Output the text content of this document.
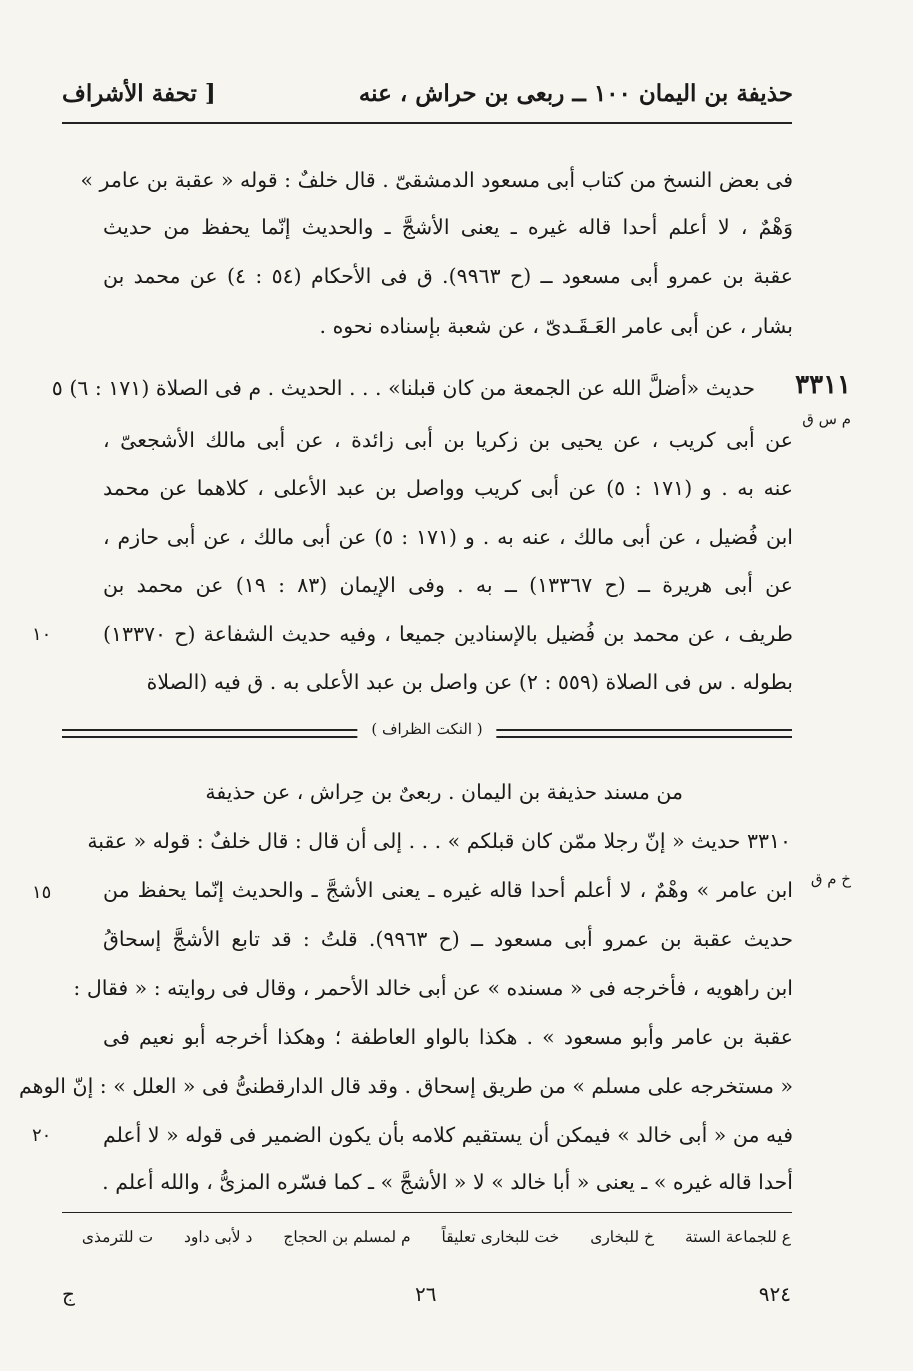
حذيفة بن اليمان ١٠٠ ــ ربعى بن حراش ، عنه
[ تحفة الأشراف
فى بعض النسخ من كتاب أبى مسعود الدمشقىّ . قال خلفٌ : قوله « عقبة بن عامر »
وَهْمٌ ، لا أعلم أحدا قاله غيره ـ يعنى الأشجَّ ـ والحديث إنّما يحفظ من حديث
عقبة بن عمرو أبى مسعود ــ (ح ٩٩٦٣). ق فى الأحكام (٥٤ : ٤) عن محمد بن
بشار ، عن أبى عامر العَـقَـدىّ ، عن شعبة بإسناده نحوه .
٣٣١١
م س ق
حديث «أضلَّ الله عن الجمعة من كان قبلنا» . . . الحديث . م فى الصلاة (١٧١ : ٦) ٥
عن أبى كريب ، عن يحيى بن زكريا بن أبى زائدة ، عن أبى مالك الأشجعىّ ،
عنه به . و (١٧١ : ٥) عن أبى كريب وواصل بن عبد الأعلى ، كلاهما عن محمد
ابن فُضيل ، عن أبى مالك ، عنه به . و (١٧١ : ٥) عن أبى مالك ، عن أبى حازم ،
عن أبى هريرة ــ (ح ١٣٣٦٧) ــ به . وفى الإيمان (٨٣ : ١٩) عن محمد بن
طريف ، عن محمد بن فُضيل بالإسنادين جميعا ، وفيه حديث الشفاعة (ح ١٣٣٧٠)
١٠
بطوله . س فى الصلاة (٥٥٩ : ٢) عن واصل بن عبد الأعلى به . ق فيه (الصلاة
( النكت الظراف )
من مسند حذيفة بن اليمان . ربعىٌ بن حِراش ، عن حذيفة
٣٣١٠ حديث « إنّ رجلا ممّن كان قبلكم » . . . إلى أن قال : قال خلفٌ : قوله « عقبة
خ م ق
ابن عامر » وهْمٌ ، لا أعلم أحدا قاله غيره ـ يعنى الأشجَّ ـ والحديث إنّما يحفظ من
١٥
حديث عقبة بن عمرو أبى مسعود ــ (ح ٩٩٦٣). قلتُ : قد تابع الأشجَّ إسحاقُ
ابن راهويه ، فأخرجه فى « مسنده » عن أبى خالد الأحمر ، وقال فى روايته : « فقال :
عقبة بن عامر وأبو مسعود » . هكذا بالواو العاطفة ؛ وهكذا أخرجه أبو نعيم فى
« مستخرجه على مسلم » من طريق إسحاق . وقد قال الدارقطنىُّ فى « العلل » : إنّ الوهم
فيه من « أبى خالد » فيمكن أن يستقيم كلامه بأن يكون الضمير فى قوله « لا أعلم
٢٠
أحدا قاله غيره » ـ يعنى « أبا خالد » لا « الأشجَّ » ـ كما فسّره المزىُّ ، والله أعلم .
ع للجماعة الستة خ للبخارى خت للبخارى تعليقاً م لمسلم بن الحجاج د لأبى داود ت للترمذى
٩٢٤
٢٦
ج
